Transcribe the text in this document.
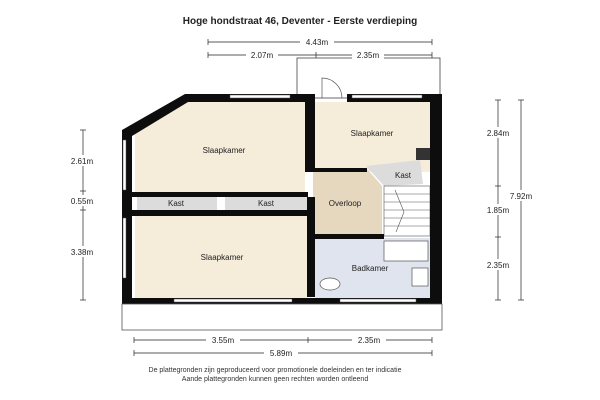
Hoge hondstraat 46, Deventer - Eerste verdieping
Slaapkamer
Slaapkamer
Kast	Kast
Kast
Overloop
Slaapkamer
Badkamer
4.43m
2.07m	2.35m
3.55m	2.35m
5.89m
2.61m
0.55m
3.38m
2.84m
1.85m
2.35m
7.92m
De plattegronden zijn geproduceerd voor promotionele doeleinden en ter indicatie
Aande plattegronden kunnen geen rechten worden ontleend
